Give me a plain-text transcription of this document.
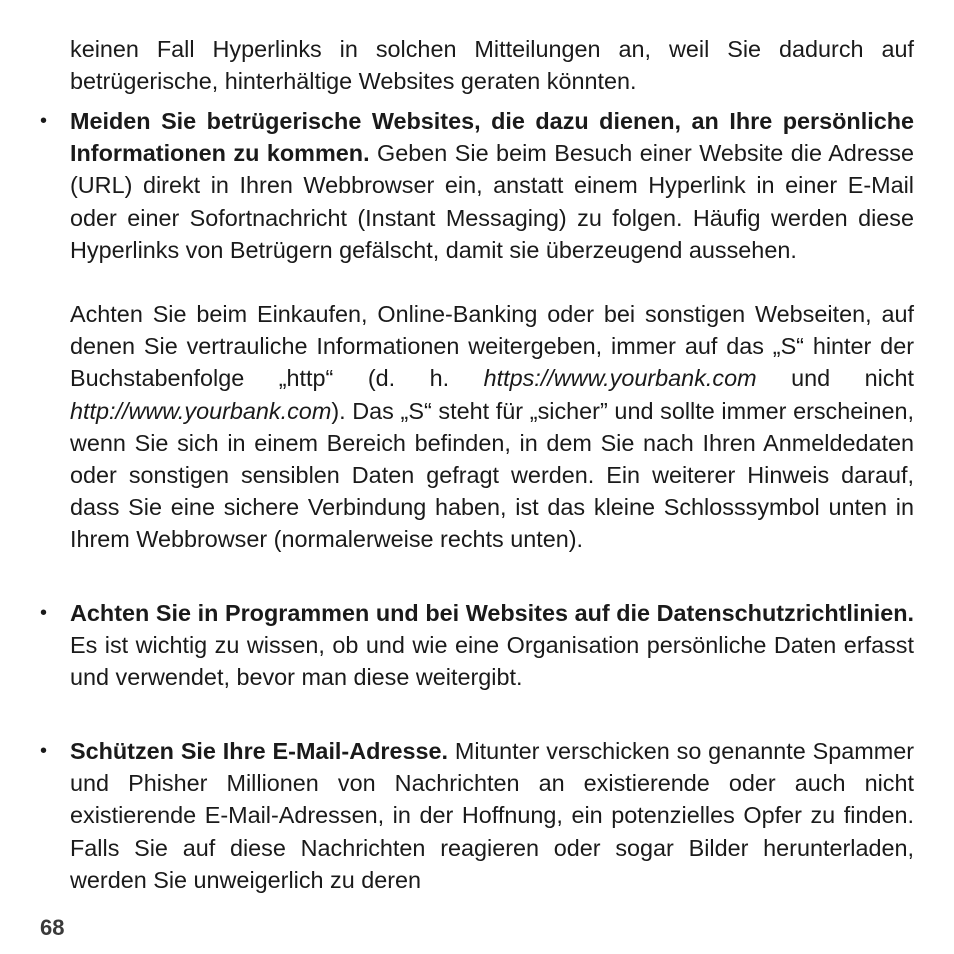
keinen Fall Hyperlinks in solchen Mitteilungen an, weil Sie dadurch auf betrügerische, hinterhältige Websites geraten könnten.

• Meiden Sie betrügerische Websites, die dazu dienen, an Ihre persönliche Informationen zu kommen. Geben Sie beim Besuch einer Website die Adresse (URL) direkt in Ihren Webbrowser ein, anstatt einem Hyperlink in einer E-Mail oder einer Sofortnachricht (Instant Messaging) zu folgen. Häufig werden diese Hyperlinks von Betrügern gefälscht, damit sie überzeugend aussehen.

Achten Sie beim Einkaufen, Online-Banking oder bei sonstigen Webseiten, auf denen Sie vertrauliche Informationen weitergeben, immer auf das „S“ hinter der Buchstabenfolge „http“ (d. h. https://www.yourbank.com und nicht http://www.yourbank.com). Das „S“ steht für „sicher” und sollte immer erscheinen, wenn Sie sich in einem Bereich befinden, in dem Sie nach Ihren Anmeldedaten oder sonstigen sensiblen Daten gefragt werden. Ein weiterer Hinweis darauf, dass Sie eine sichere Verbindung haben, ist das kleine Schlosssymbol unten in Ihrem Webbrowser (normalerweise rechts unten).

• Achten Sie in Programmen und bei Websites auf die Datenschutzrichtlinien. Es ist wichtig zu wissen, ob und wie eine Organisation persönliche Daten erfasst und verwendet, bevor man diese weitergibt.

• Schützen Sie Ihre E-Mail-Adresse. Mitunter verschicken so genannte Spammer und Phisher Millionen von Nachrichten an existierende oder auch nicht existierende E-Mail-Adressen, in der Hoffnung, ein potenzielles Opfer zu finden. Falls Sie auf diese Nachrichten reagieren oder sogar Bilder herunterladen, werden Sie unweigerlich zu deren

68
